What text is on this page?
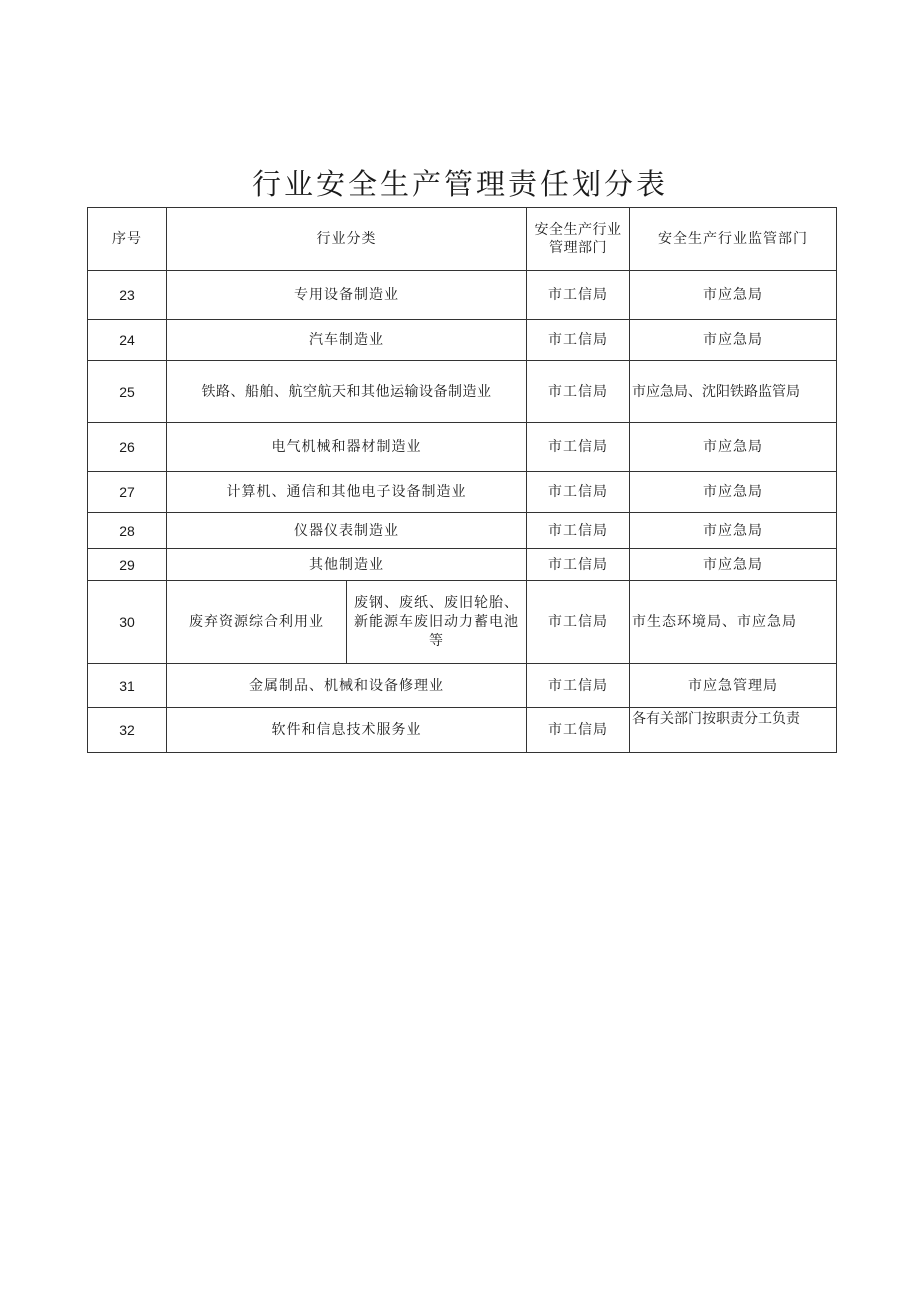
行业安全生产管理责任划分表
序号	行业分类		安全生产行业管理部门	安全生产行业监管部门
23	专用设备制造业		市工信局	市应急局
24	汽车制造业		市工信局	市应急局
25	铁路、船舶、航空航天和其他运输设备制造业		市工信局	市应急局、沈阳铁路监管局
26	电气机械和器材制造业		市工信局	市应急局
27	计算机、通信和其他电子设备制造业		市工信局	市应急局
28	仪器仪表制造业		市工信局	市应急局
29	其他制造业		市工信局	市应急局
30	废弃资源综合利用业	废钢、废纸、废旧轮胎、新能源车废旧动力蓄电池等	市工信局	市生态环境局、市应急局
31	金属制品、机械和设备修理业		市工信局	市应急管理局
32	软件和信息技术服务业		市工信局	各有关部门按职责分工负责
